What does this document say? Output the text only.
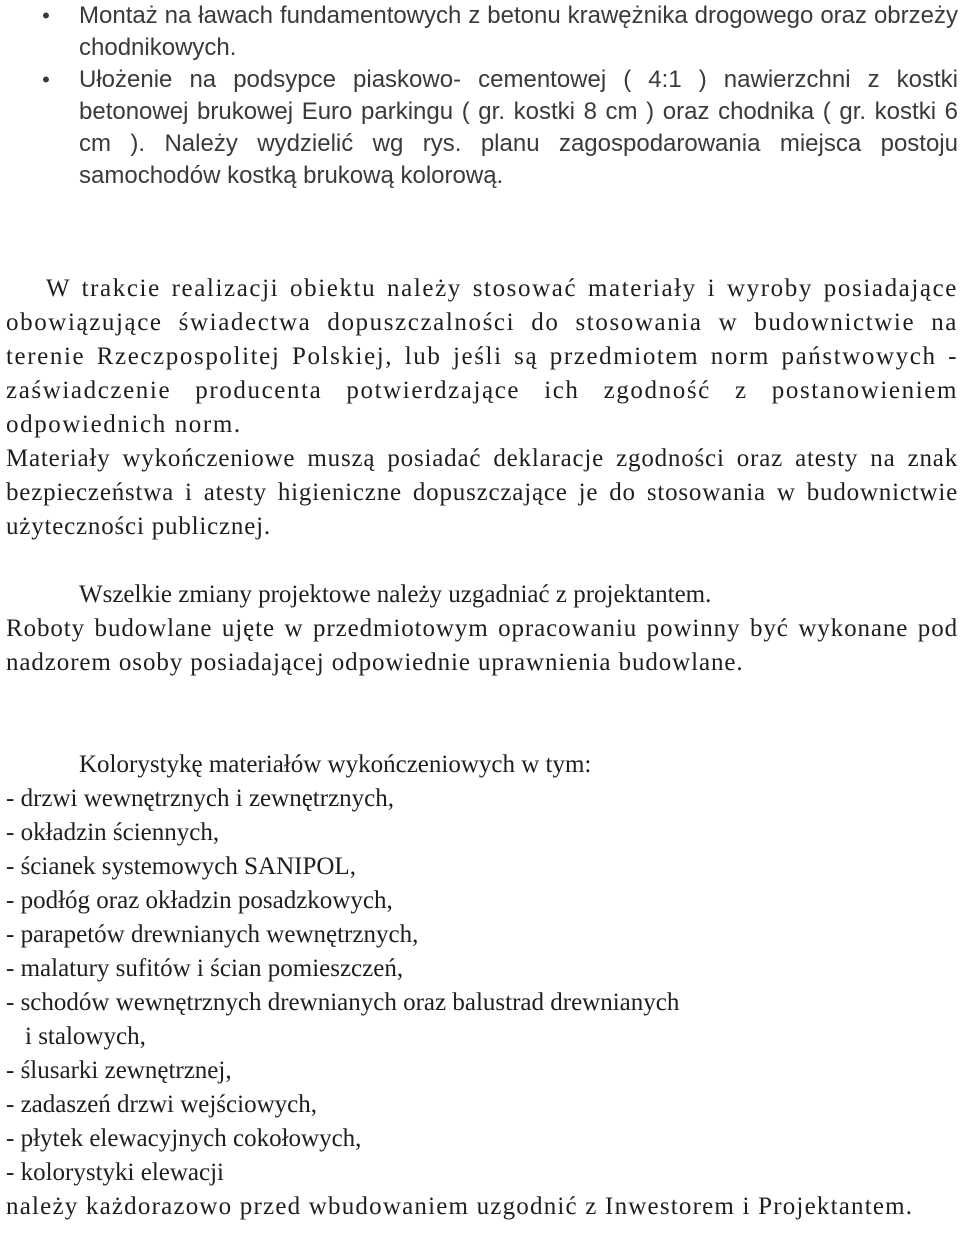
• Montaż na ławach fundamentowych z betonu krawężnika drogowego oraz obrzeży chodnikowych.
• Ułożenie na podsypce piaskowo- cementowej ( 4:1 ) nawierzchni z kostki betonowej brukowej Euro parkingu ( gr. kostki 8 cm ) oraz chodnika ( gr. kostki 6 cm ). Należy wydzielić wg rys. planu zagospodarowania miejsca postoju samochodów kostką brukową kolorową.

W trakcie realizacji obiektu należy stosować materiały i wyroby posiadające obowiązujące świadectwa dopuszczalności do stosowania w budownictwie na terenie Rzeczpospolitej Polskiej, lub jeśli są przedmiotem norm państwowych - zaświadczenie producenta potwierdzające ich zgodność z postanowieniem odpowiednich norm.

Materiały wykończeniowe muszą posiadać deklaracje zgodności oraz atesty na znak bezpieczeństwa i atesty higieniczne dopuszczające je do stosowania w budownictwie użyteczności publicznej.

Wszelkie zmiany projektowe należy uzgadniać z projektantem.

Roboty budowlane ujęte w przedmiotowym opracowaniu powinny być wykonane pod nadzorem osoby posiadającej odpowiednie uprawnienia budowlane.

Kolorystykę materiałów wykończeniowych w tym:

- drzwi wewnętrznych i zewnętrznych,
- okładzin ściennych,
- ścianek systemowych SANIPOL,
- podłóg oraz okładzin posadzkowych,
- parapetów drewnianych wewnętrznych,
- malatury sufitów i ścian pomieszczeń,
- schodów wewnętrznych drewnianych oraz balustrad drewnianych
i stalowych,
- ślusarki zewnętrznej,
- zadaszeń drzwi wejściowych,
- płytek elewacyjnych cokołowych,
- kolorystyki elewacji

należy każdorazowo przed wbudowaniem uzgodnić z Inwestorem i Projektantem.
